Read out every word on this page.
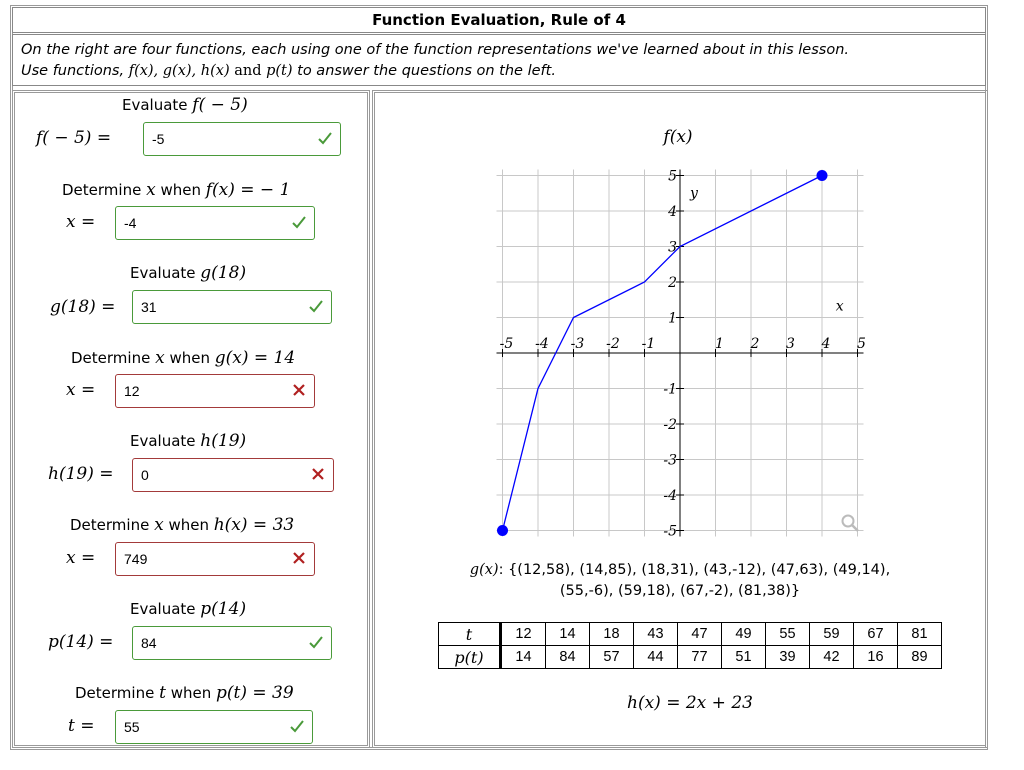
Function Evaluation, Rule of 4
On the right are four functions, each using one of the function representations we've learned about in this lesson.
Use functions, f(x), g(x), h(x) and p(t) to answer the questions on the left.
Evaluate f( − 5)
f( − 5) =	-5
Determine x when f(x) = − 1
x = -4
Evaluate g(18)
g(18) = 31
Determine x when g(x) = 14
x = 12
Evaluate h(19)
h(19) = 0
Determine x when h(x) = 33
x = 749
Evaluate p(14)
p(14) = 84
Determine t when p(t) = 39
t = 55
f(x)
-5 -4 -3 -2 -1	1 2 3 4 5
5
4
3
2
1
-1
-2
-3
-4
-5
x
y
g(x): {(12,58), (14,85), (18,31), (43,-12), (47,63), (49,14),
(55,-6), (59,18), (67,-2), (81,38)}
t	12	14	18	43	47	49	55	59	67	81
p(t)	14	84	57	44	77	51	39	42	16	89
h(x) = 2x + 23
